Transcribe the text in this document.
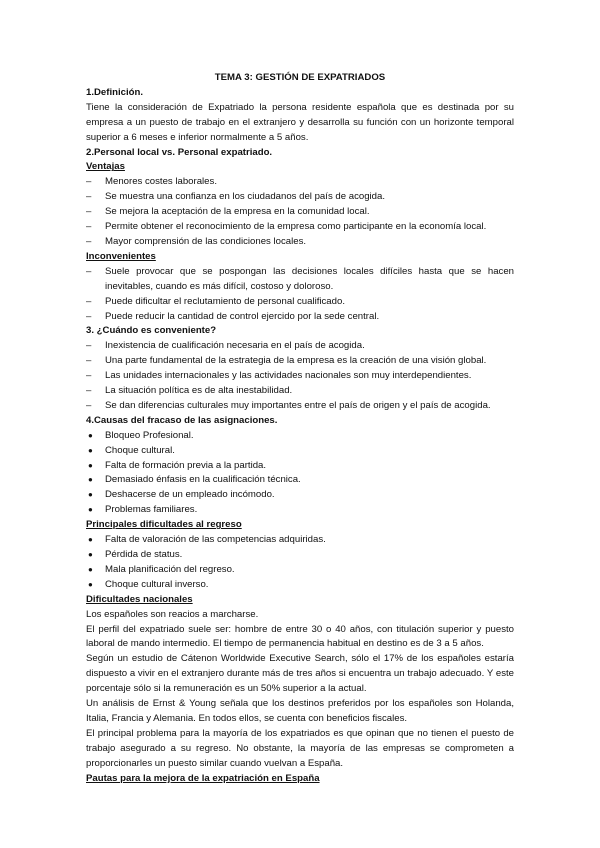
TEMA 3: GESTIÓN DE EXPATRIADOS

1.Definición.

Tiene la consideración de Expatriado la persona residente española que es destinada por su empresa a un puesto de trabajo en el extranjero y desarrolla su función con un horizonte temporal superior a 6 meses e inferior normalmente a 5 años.

2.Personal local vs. Personal expatriado.

Ventajas

– Menores costes laborales.
– Se muestra una confianza en los ciudadanos del país de acogida.
– Se mejora la aceptación de la empresa en la comunidad local.
– Permite obtener el reconocimiento de la empresa como participante en la economía local.
– Mayor comprensión de las condiciones locales.

Inconvenientes

– Suele provocar que se pospongan las decisiones locales difíciles hasta que se hacen inevitables, cuando es más difícil, costoso y doloroso.
– Puede dificultar el reclutamiento de personal cualificado.
– Puede reducir la cantidad de control ejercido por la sede central.

3. ¿Cuándo es conveniente?

– Inexistencia de cualificación necesaria en el país de acogida.
– Una parte fundamental de la estrategia de la empresa es la creación de una visión global.
– Las unidades internacionales y las actividades nacionales son muy interdependientes.
– La situación política es de alta inestabilidad.
– Se dan diferencias culturales muy importantes entre el país de origen y el país de acogida.

4.Causas del fracaso de las asignaciones.

● Bloqueo Profesional.
● Choque cultural.
● Falta de formación previa a la partida.
● Demasiado énfasis en la cualificación técnica.
● Deshacerse de un empleado incómodo.
● Problemas familiares.

Principales dificultades al regreso

● Falta de valoración de las competencias adquiridas.
● Pérdida de status.
● Mala planificación del regreso.
● Choque cultural inverso.

Dificultades nacionales

Los españoles son reacios a marcharse.

El perfil del expatriado suele ser: hombre de entre 30 o 40 años, con titulación superior y puesto laboral de mando intermedio. El tiempo de permanencia habitual en destino es de 3 a 5 años.

Según un estudio de Cátenon Worldwide Executive Search, sólo el 17% de los españoles estaría dispuesto a vivir en el extranjero durante más de tres años si encuentra un trabajo adecuado. Y este porcentaje sólo si la remuneración es un 50% superior a la actual.

Un análisis de Ernst & Young señala que los destinos preferidos por los españoles son Holanda, Italia, Francia y Alemania. En todos ellos, se cuenta con beneficios fiscales.

El principal problema para la mayoría de los expatriados es que opinan que no tienen el puesto de trabajo asegurado a su regreso. No obstante, la mayoría de las empresas se comprometen a proporcionarles un puesto similar cuando vuelvan a España.

Pautas para la mejora de la expatriación en España
